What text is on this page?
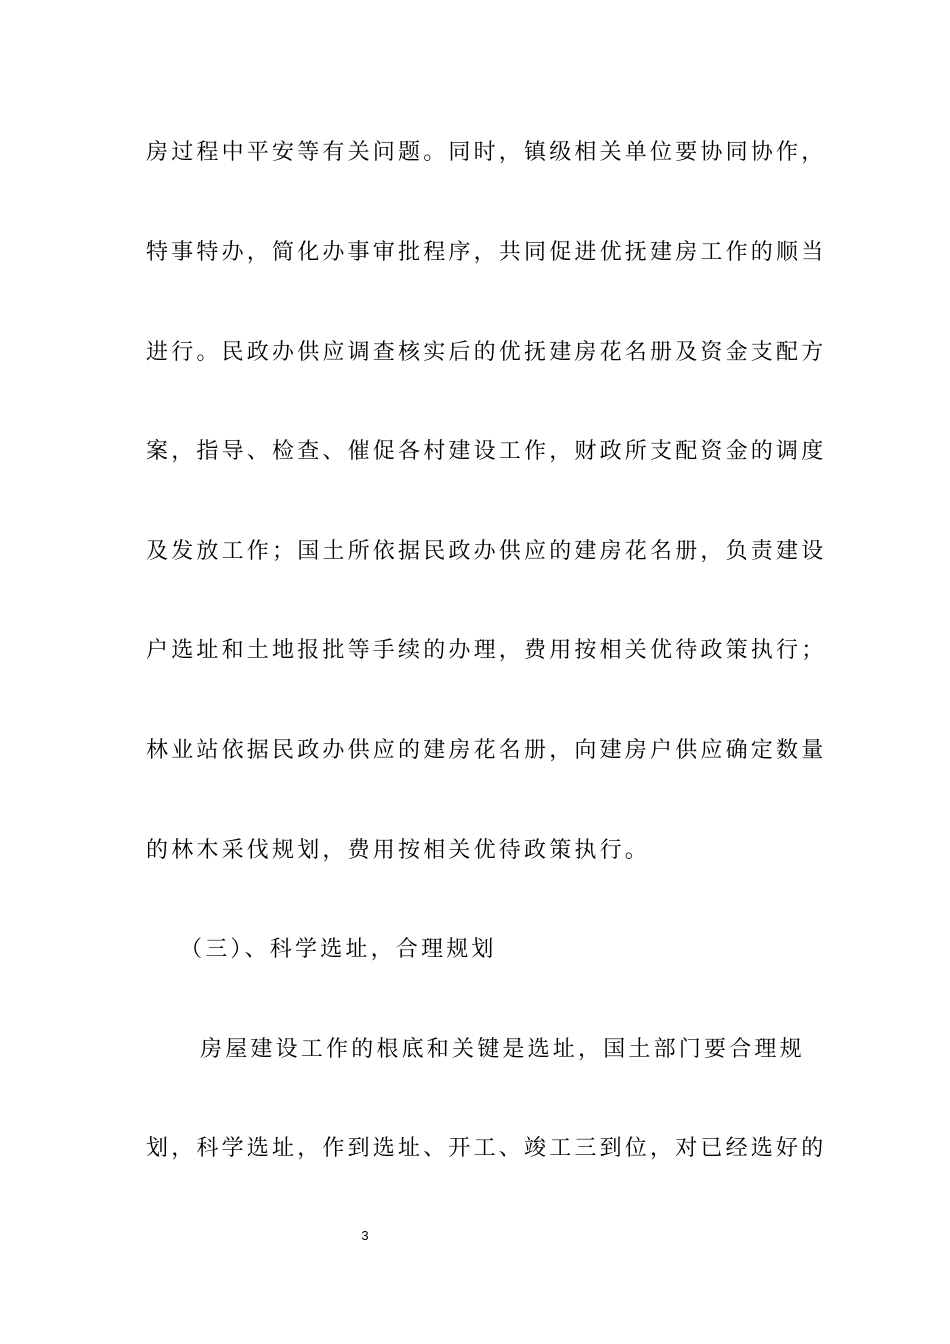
房过程中平安等有关问题。同时，镇级相关单位要协同协作，
特事特办，简化办事审批程序，共同促进优抚建房工作的顺当
进行。民政办供应调查核实后的优抚建房花名册及资金支配方
案，指导、检查、催促各村建设工作，财政所支配资金的调度
及发放工作；国土所依据民政办供应的建房花名册，负责建设
户选址和土地报批等手续的办理，费用按相关优待政策执行；
林业站依据民政办供应的建房花名册，向建房户供应确定数量
的林木采伐规划，费用按相关优待政策执行。
（三）、科学选址，合理规划
房屋建设工作的根底和关键是选址，国土部门要合理规
划，科学选址，作到选址、开工、竣工三到位，对已经选好的
3
